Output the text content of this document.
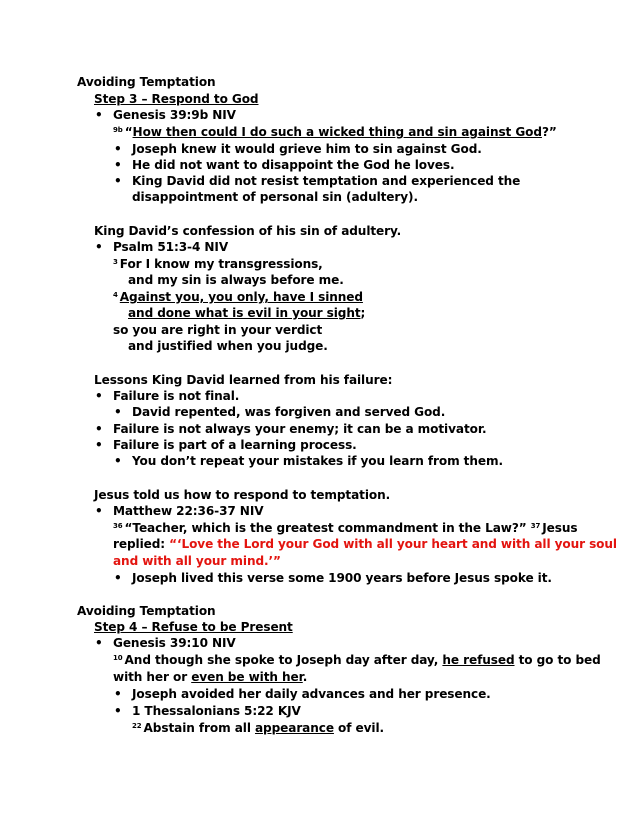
Avoiding Temptation
Step 3 – Respond to God
• Genesis 39:9b NIV
$^{9b}$ “How then could I do such a wicked thing and sin against God?”
• Joseph knew it would grieve him to sin against God.
• He did not want to disappoint the God he loves.
• King David did not resist temptation and experienced the
disappointment of personal sin (adultery).
King David’s confession of his sin of adultery.
• Psalm 51:3-4 NIV
$^3$ For I know my transgressions,
and my sin is always before me.
$^4$ Against you, you only, have I sinned
and done what is evil in your sight;
so you are right in your verdict
and justified when you judge.
Lessons King David learned from his failure:
• Failure is not final.
• David repented, was forgiven and served God.
• Failure is not always your enemy; it can be a motivator.
• Failure is part of a learning process.
• You don’t repeat your mistakes if you learn from them.
Jesus told us how to respond to temptation.
• Matthew 22:36-37 NIV
$^{36}$ “Teacher, which is the greatest commandment in the Law?” $^{37}$ Jesus
replied: “‘Love the Lord your God with all your heart and with all your soul
and with all your mind.’”
• Joseph lived this verse some 1900 years before Jesus spoke it.
Avoiding Temptation
Step 4 – Refuse to be Present
• Genesis 39:10 NIV
$^{10}$ And though she spoke to Joseph day after day, he refused to go to bed
with her or even be with her.
• Joseph avoided her daily advances and her presence.
• 1 Thessalonians 5:22 KJV
$^{22}$ Abstain from all appearance of evil.
